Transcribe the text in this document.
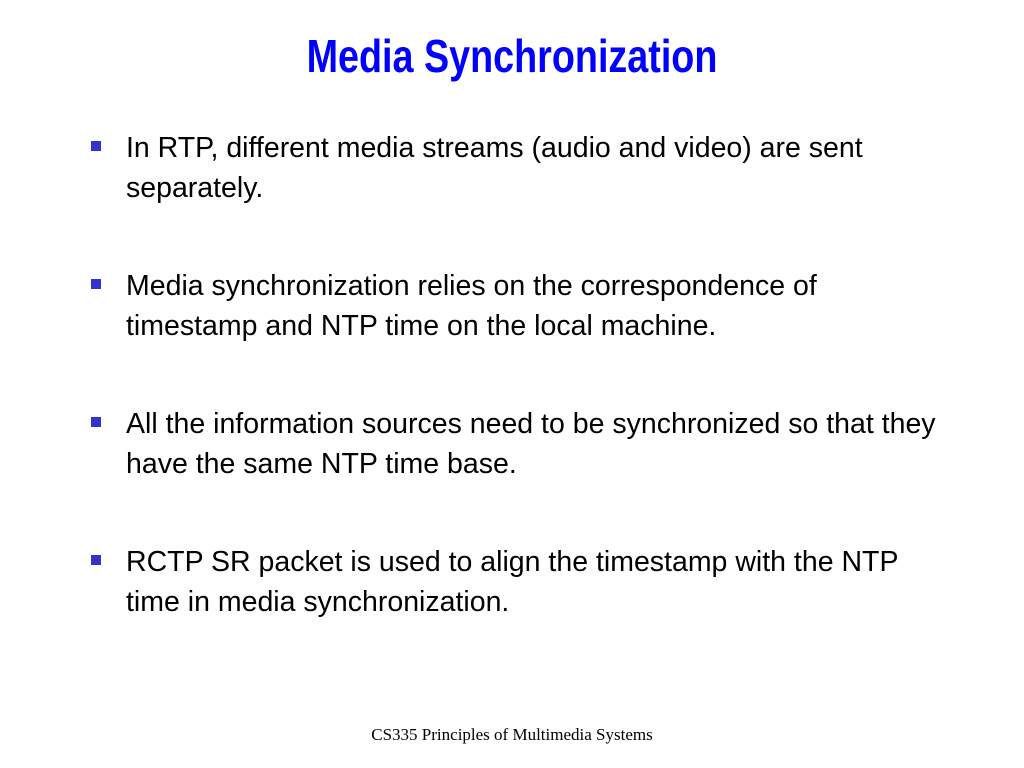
Media Synchronization
In RTP, different media streams (audio and video) are sent separately.
Media synchronization relies on the correspondence of  timestamp and NTP time on the local machine.
All the information sources need to be synchronized so that they have the same NTP time base.
RCTP SR packet is used to align the timestamp with the NTP time in media synchronization.
CS335 Principles of Multimedia Systems
